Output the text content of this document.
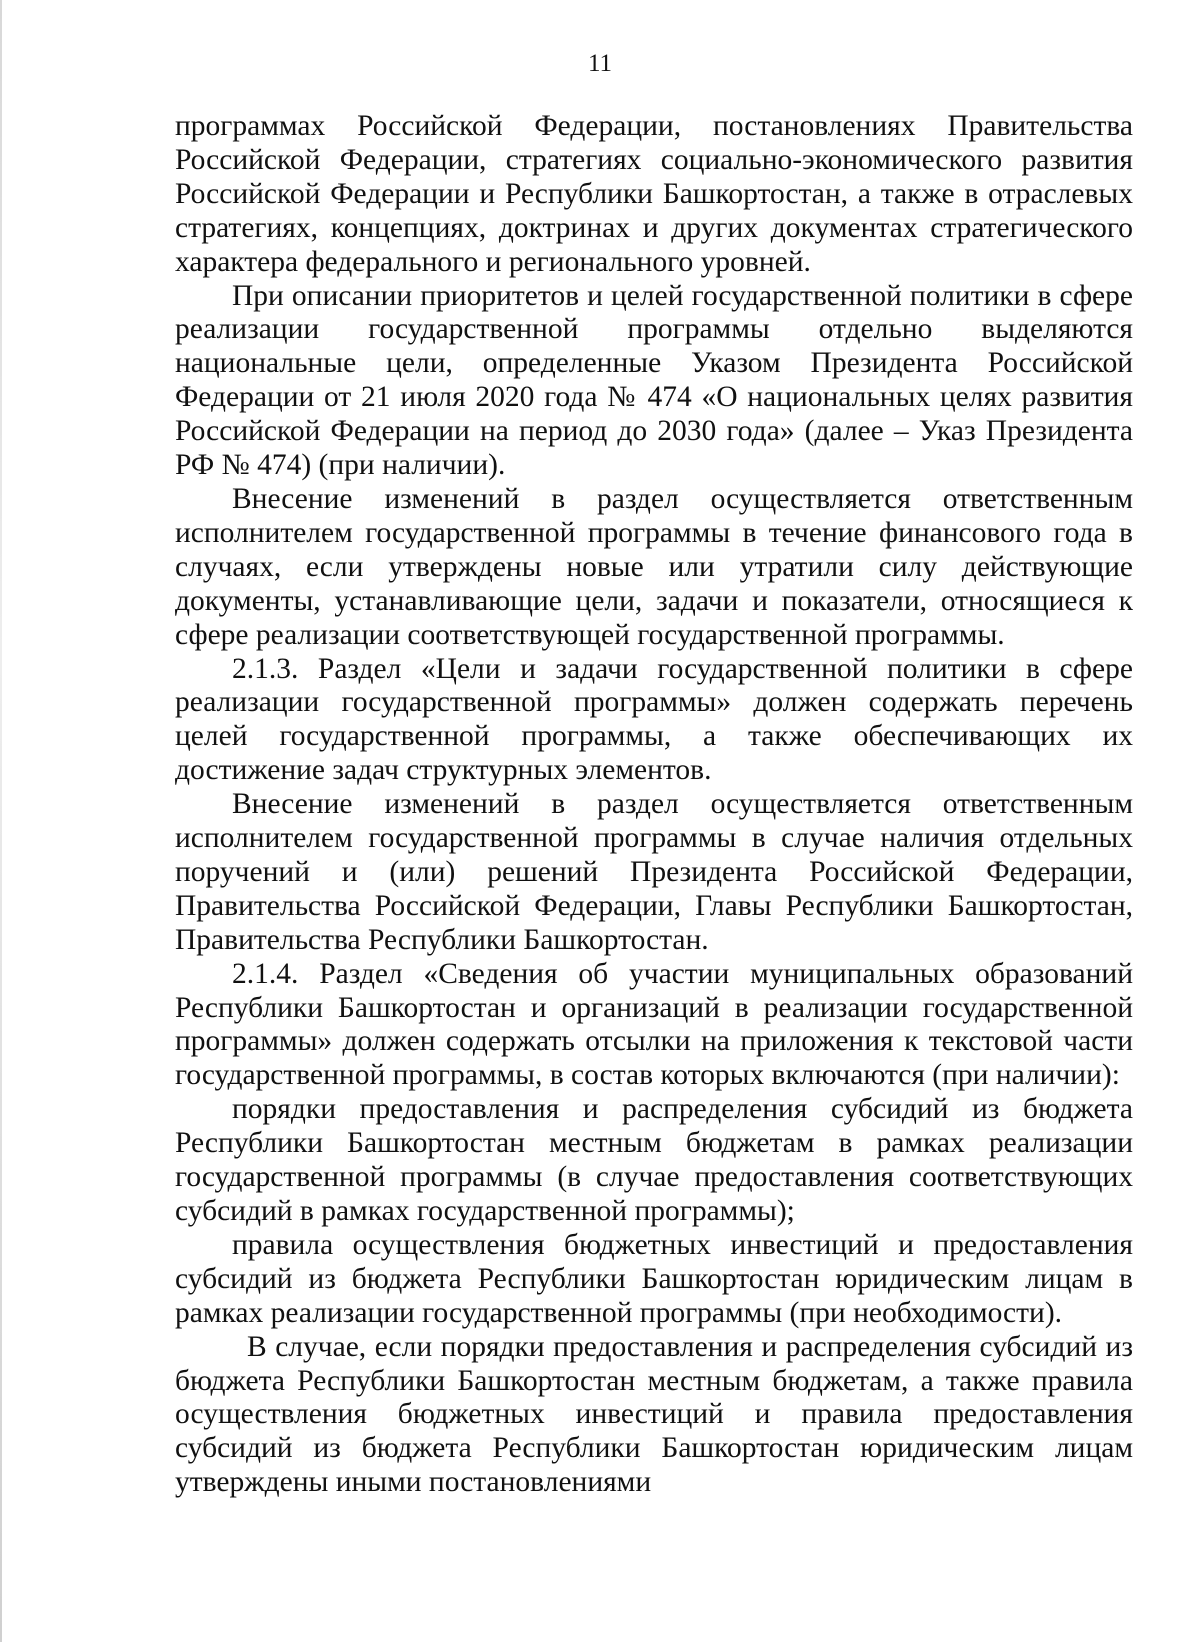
11

программах Российской Федерации, постановлениях Правительства Российской Федерации, стратегиях социально-экономического развития Российской Федерации и Республики Башкортостан, а также в отраслевых стратегиях, концепциях, доктринах и других документах стратегического характера федерального и регионального уровней.

При описании приоритетов и целей государственной политики в сфере реализации государственной программы отдельно выделяются национальные цели, определенные Указом Президента Российской Федерации от 21 июля 2020 года № 474 «О национальных целях развития Российской Федерации на период до 2030 года» (далее – Указ Президента РФ № 474) (при наличии).

Внесение изменений в раздел осуществляется ответственным исполнителем государственной программы в течение финансового года в случаях, если утверждены новые или утратили силу действующие документы, устанавливающие цели, задачи и показатели, относящиеся к сфере реализации соответствующей государственной программы.

2.1.3. Раздел «Цели и задачи государственной политики в сфере реализации государственной программы» должен содержать перечень целей государственной программы, а также обеспечивающих их достижение задач структурных элементов.

Внесение изменений в раздел осуществляется ответственным исполнителем государственной программы в случае наличия отдельных поручений и (или) решений Президента Российской Федерации, Правительства Российской Федерации, Главы Республики Башкортостан, Правительства Республики Башкортостан.

2.1.4. Раздел «Сведения об участии муниципальных образований Республики Башкортостан и организаций в реализации государственной программы» должен содержать отсылки на приложения к текстовой части государственной программы, в состав которых включаются (при наличии):

порядки предоставления и распределения субсидий из бюджета Республики Башкортостан местным бюджетам в рамках реализации государственной программы (в случае предоставления соответствующих субсидий в рамках государственной программы);

правила осуществления бюджетных инвестиций и предоставления субсидий из бюджета Республики Башкортостан юридическим лицам в рамках реализации государственной программы (при необходимости).

В случае, если порядки предоставления и распределения субсидий из бюджета Республики Башкортостан местным бюджетам, а также правила осуществления бюджетных инвестиций и правила предоставления субсидий из бюджета Республики Башкортостан юридическим лицам утверждены иными постановлениями
